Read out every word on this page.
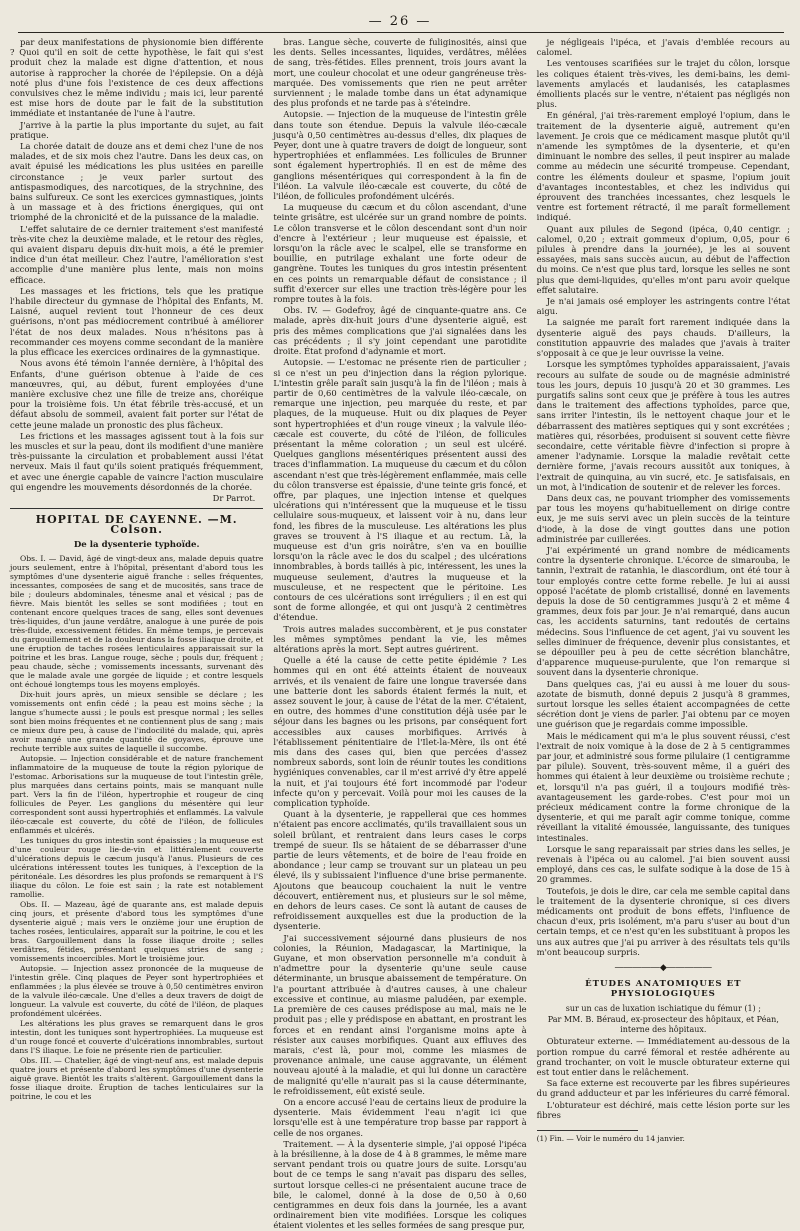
— 26 —

par deux manifestations de physionomie bien différente ? Quoi qu'il en soit de cette hypothèse, le fait qui s'est produit chez la malade est digne d'attention, et nous autorise à rapprocher la chorée de l'épilepsie. On a déjà noté plus d'une fois l'existence de ces deux affections convulsives chez le même individu ; mais ici, leur parenté est mise hors de doute par le fait de la substitution immédiate et instantanée de l'une à l'autre.

J'arrive à la partie la plus importante du sujet, au fait pratique.

La chorée datait de douze ans et demi chez l'une de nos malades, et de six mois chez l'autre. Dans les deux cas, on avait épuisé les médications les plus usitées en pareille circonstance ; je veux parler surtout des antispasmodiques, des narcotiques, de la strychnine, des bains sulfureux. Ce sont les exercices gymnastiques, joints à un massage et à des frictions énergiques, qui ont triomphé de la chronicité et de la puissance de la maladie.

L'effet salutaire de ce dernier traitement s'est manifesté très-vite chez la deuxième malade, et le retour des règles, qui avaient disparu depuis dix-huit mois, a été le premier indice d'un état meilleur. Chez l'autre, l'amélioration s'est accomplie d'une manière plus lente, mais non moins efficace.

Les massages et les frictions, tels que les pratique l'habile directeur du gymnase de l'hôpital des Enfants, M. Laisné, auquel revient tout l'honneur de ces deux guérisons, n'ont pas médiocrement contribué à améliorer l'état de nos deux malades. Nous n'hésitons pas à recommander ces moyens comme secondant de la manière la plus efficace les exercices ordinaires de la gymnastique.

Nous avons été témoin l'année dernière, à l'hôpital des Enfants, d'une guérison obtenue à l'aide de ces manœuvres, qui, au début, furent employées d'une manière exclusive chez une fille de treize ans, choréique pour la troisième fois. Un état fébrile très-accusé, et un défaut absolu de sommeil, avaient fait porter sur l'état de cette jeune malade un pronostic des plus fâcheux.

Les frictions et les massages agissent tout à la fois sur les muscles et sur la peau, dont ils modifient d'une manière très-puissante la circulation et probablement aussi l'état nerveux. Mais il faut qu'ils soient pratiqués fréquemment, et avec une énergie capable de vaincre l'action musculaire qui engendre les mouvements désordonnés de la chorée.

Dr Parrot.
HOPITAL DE CAYENNE. —M. Colson.
De la dysenterie typhoïde.

Obs. I. — David, âgé de vingt-deux ans, malade depuis quatre jours seulement, entre à l'hôpital, présentant d'abord tous les symptômes d'une dysenterie aiguë franche : selles fréquentes, incessantes, composées de sang et de mucosités, sans trace de bile ; douleurs abdominales, ténesme anal et vésical ; pas de fièvre. Mais bientôt les selles se sont modifiées ; tout en contenant encore quelques traces de sang, elles sont devenues très-liquides, d'un jaune verdâtre, analogue à une purée de pois très-fluide, excessivement fétides. En même temps, je percevais du gargouillement et de la douleur dans la fosse iliaque droite, et une éruption de taches rosées lenticulaires apparaissait sur la poitrine et les bras. Langue rouge, sèche ; pouls dur, fréquent ; peau chaude, sèche ; vomissements incessants, survenant dès que le malade avale une gorgée de liquide ; et contre lesquels ont échoué longtemps tous les moyens employés.

Dix-huit jours après, un mieux sensible se déclare ; les vomissements ont enfin cédé ; la peau est moins sèche ; la langue s'humecte aussi ; le pouls est presque normal ; les selles sont bien moins fréquentes et ne contiennent plus de sang ; mais ce mieux dure peu, à cause de l'indocilité du malade, qui, après avoir mangé une grande quantité de goyaves, éprouve une rechute terrible aux suites de laquelle il succombe.

Autopsie. — Injection considérable et de nature franchement inflammatoire de la muqueuse de toute la région pylorique de l'estomac. Arborisations sur la muqueuse de tout l'intestin grêle, plus marquées dans certains points, mais se manquant nulle part. Vers la fin de l'iléon, hypertrophie et rougeur de cinq follicules de Peyer. Les ganglions du mésentère qui leur correspondent sont aussi hypertrophiés et enflammés. La valvule iléo-cæcale est couverte, du côté de l'iléon, de follicules enflammés et ulcérés.

Les tuniques du gros intestin sont épaissies ; la muqueuse est d'une couleur rouge lie-de-vin et littéralement couverte d'ulcérations depuis le cæcum jusqu'à l'anus. Plusieurs de ces ulcérations intéressent toutes les tuniques, à l'exception de la péritonéale. Les désordres les plus profonds se remarquent à l'S iliaque du côlon. Le foie est sain ; la rate est notablement ramollie.

Obs. II. — Mazeau, âgé de quarante ans, est malade depuis cinq jours, et présente d'abord tous les symptômes d'une dysenterie aiguë ; mais vers le onzième jour une éruption de taches rosées, lenticulaires, apparaît sur la poitrine, le cou et les bras. Gargouillement dans la fosse iliaque droite ; selles verdâtres, fétides, présentant quelques stries de sang ; vomissements incoercibles. Mort le troisième jour.

Autopsie. — Injection assez prononcée de la muqueuse de l'intestin grêle. Cinq plaques de Peyer sont hypertrophiées et enflammées ; la plus élevée se trouve à 0,50 centimètres environ de la valvule iléo-cæcale. Une d'elles a deux travers de doigt de longueur. La valvule est couverte, du côté de l'iléon, de plaques profondément ulcérées.

Les altérations les plus graves se remarquent dans le gros intestin, dont les tuniques sont hypertrophiées. La muqueuse est d'un rouge foncé et couverte d'ulcérations innombrables, surtout dans l'S iliaque. Le foie ne présente rien de particulier.

Obs. III. — Chatelier, âgé de vingt-neuf ans, est malade depuis quatre jours et présente d'abord les symptômes d'une dysenterie aiguë grave. Bientôt les traits s'altèrent. Gargouillement dans la fosse iliaque droite. Éruption de taches lenticulaires sur la poitrine, le cou et les

bras. Langue sèche, couverte de fuliginosités, ainsi que les dents. Selles incessantes, liquides, verdâtres, mêlées de sang, très-fétides. Elles prennent, trois jours avant la mort, une couleur chocolat et une odeur gangréneuse très-marquée. Des vomissements que rien ne peut arrêter surviennent ; le malade tombe dans un état adynamique des plus profonds et ne tarde pas à s'éteindre.

Autopsie. — Injection de la muqueuse de l'intestin grêle dans toute son étendue. Depuis la valvule iléo-cæcale jusqu'à 0,50 centimètres au-dessus d'elles, dix plaques de Peyer, dont une à quatre travers de doigt de longueur, sont hypertrophiées et enflammées. Les follicules de Brunner sont également hypertrophiés. Il en est de même des ganglions mésentériques qui correspondent à la fin de l'iléon. La valvule iléo-cæcale est couverte, du côté de l'iléon, de follicules profondément ulcérés.

La muqueuse du cæcum et du côlon ascendant, d'une teinte grisâtre, est ulcérée sur un grand nombre de points. Le côlon transverse et le côlon descendant sont d'un noir d'encre à l'extérieur ; leur muqueuse est épaissie, et lorsqu'on la râcle avec le scalpel, elle se transforme en bouillie, en putrilage exhalant une forte odeur de gangrène. Toutes les tuniques du gros intestin présentent en ces points un remarquable défaut de consistance ; il suffit d'exercer sur elles une traction très-légère pour les rompre toutes à la fois.

Obs. IV. — Godefroy, âgé de cinquante-quatre ans. Ce malade, après dix-huit jours d'une dysenterie aiguë, est pris des mêmes complications que j'ai signalées dans les cas précédents ; il s'y joint cependant une parotidite droite. État profond d'adynamie et mort.

Autopsie. — L'estomac ne présente rien de particulier ; si ce n'est un peu d'injection dans la région pylorique. L'intestin grêle paraît sain jusqu'à la fin de l'iléon ; mais à partir de 0,60 centimètres de la valvule iléo-cæcale, on remarque une injection, peu marquée du reste, et par plaques, de la muqueuse. Huit ou dix plaques de Peyer sont hypertrophiées et d'un rouge vineux ; la valvule iléo-cæcale est couverte, du côté de l'iléon, de follicules présentant la même coloration ; un seul est ulcéré. Quelques ganglions mésentériques présentent aussi des traces d'inflammation. La muqueuse du cæcum et du côlon ascendant n'est que très-légèrement enflammée, mais celle du côlon transverse est épaissie, d'une teinte gris foncé, et offre, par plaques, une injection intense et quelques ulcérations qui n'intéressent que la muqueuse et le tissu cellulaire sous-muqueux, et laissent voir à nu, dans leur fond, les fibres de la musculeuse. Les altérations les plus graves se trouvent à l'S iliaque et au rectum. Là, la muqueuse est d'un gris noirâtre, s'en va en bouillie lorsqu'on la râcle avec le dos du scalpel ; des ulcérations innombrables, à bords taillés à pic, intéressent, les unes la muqueuse seulement, d'autres la muqueuse et la musculeuse, et ne respectent que le péritoine. Les contours de ces ulcérations sont irréguliers ; il en est qui sont de forme allongée, et qui ont jusqu'à 2 centimètres d'étendue.

Trois autres malades succombèrent, et je pus constater les mêmes symptômes pendant la vie, les mêmes altérations après la mort. Sept autres guérirent.

Quelle a été la cause de cette petite épidémie ? Les hommes qui en ont été atteints étaient de nouveaux arrivés, et ils venaient de faire une longue traversée dans une batterie dont les sabords étaient fermés la nuit, et assez souvent le jour, à cause de l'état de la mer. C'étaient, en outre, des hommes d'une constitution déjà usée par le séjour dans les bagnes ou les prisons, par conséquent fort accessibles aux causes morbifiques. Arrivés à l'établissement pénitentiaire de l'Ilet-la-Mère, ils ont été mis dans des cases qui, bien que percées d'assez nombreux sabords, sont loin de réunir toutes les conditions hygiéniques convenables, car il m'est arrivé d'y être appelé la nuit, et j'ai toujours été fort incommodé par l'odeur infecte qu'on y percevait. Voilà pour moi les causes de la complication typhoïde.

Quant à la dysenterie, je rappellerai que ces hommes n'étaient pas encore acclimatés, qu'ils travaillaient sous un soleil brûlant, et rentraient dans leurs cases le corps trempé de sueur. Ils se hâtaient de se débarrasser d'une partie de leurs vêtements, et de boire de l'eau froide en abondance ; leur camp se trouvant sur un plateau un peu élevé, ils y subissaient l'influence d'une brise permanente. Ajoutons que beaucoup couchaient la nuit le ventre découvert, entièrement nus, et plusieurs sur le sol même, en dehors de leurs cases. Ce sont là autant de causes de refroidissement auxquelles est due la production de la dysenterie.

J'ai successivement séjourné dans plusieurs de nos colonies, la Réunion, Madagascar, la Martinique, la Guyane, et mon observation personnelle m'a conduit à n'admettre pour la dysenterie qu'une seule cause déterminante, un brusque abaissement de température. On l'a pourtant attribuée à d'autres causes, à une chaleur excessive et continue, au miasme paludéen, par exemple. La première de ces causes prédispose au mal, mais ne le produit pas ; elle y prédispose en abattant, en prostrant les forces et en rendant ainsi l'organisme moins apte à résister aux causes morbifiques. Quant aux effluves des marais, c'est là, pour moi, comme les miasmes de provenance animale, une cause aggravante, un élément nouveau ajouté à la maladie, et qui lui donne un caractère de malignité qu'elle n'aurait pas si la cause déterminante, le refroidissement, eût existé seule.

On a encore accusé l'eau de certains lieux de produire la dysenterie. Mais évidemment l'eau n'agit ici que lorsqu'elle est à une température trop basse par rapport à celle de nos organes.

Traitement. — À la dysenterie simple, j'ai opposé l'ipéca à la brésilienne, à la dose de 4 à 8 grammes, le même mare servant pendant trois ou quatre jours de suite. Lorsqu'au bout de ce temps le sang n'avait pas disparu des selles, surtout lorsque celles-ci ne présentaient aucune trace de bile, le calomel, donné à la dose de 0,50 à 0,60 centigrammes en deux fois dans la journée, les a avant ordinairement bien vite modifiées. Lorsque les coliques étaient violentes et les selles formées de sang presque pur,

je négligeais l'ipéca, et j'avais d'emblée recours au calomel.

Les ventouses scarifiées sur le trajet du côlon, lorsque les coliques étaient très-vives, les demi-bains, les demi-lavements amylacés et laudanisés, les cataplasmes émollients placés sur le ventre, n'étaient pas négligés non plus.

En général, j'ai très-rarement employé l'opium, dans le traitement de la dysenterie aiguë, autrement qu'en lavement. Je crois que ce médicament masque plutôt qu'il n'amende les symptômes de la dysenterie, et qu'en diminuant le nombre des selles, il peut inspirer au malade comme au médecin une sécurité trompeuse. Cependant, contre les éléments douleur et spasme, l'opium jouit d'avantages incontestables, et chez les individus qui éprouvent des tranchées incessantes, chez lesquels le ventre est fortement rétracté, il me paraît formellement indiqué.

Quant aux pilules de Segond (ipéca, 0,40 centigr. ; calomel, 0,20 ; extrait gommeux d'opium, 0,05, pour 6 pilules à prendre dans la journée), je les ai souvent essayées, mais sans succès aucun, au début de l'affection du moins. Ce n'est que plus tard, lorsque les selles ne sont plus que demi-liquides, qu'elles m'ont paru avoir quelque effet salutaire.

Je n'ai jamais osé employer les astringents contre l'état aigu.

La saignée me paraît fort rarement indiquée dans la dysenterie aiguë des pays chauds. D'ailleurs, la constitution appauvrie des malades que j'avais à traiter s'opposait à ce que je leur ouvrisse la veine.

Lorsque les symptômes typhoïdes apparaissaient, j'avais recours au sulfate de soude ou de magnésie administré tous les jours, depuis 10 jusqu'à 20 et 30 grammes. Les purgatifs salins sont ceux que je préfère à tous les autres dans le traitement des affections typhoïdes, parce que, sans irriter l'intestin, ils le nettoyent chaque jour et le débarrassent des matières septiques qui y sont excrétées ; matières qui, résorbées, produisent si souvent cette fièvre secondaire, cette véritable fièvre d'infection si propre à amener l'adynamie. Lorsque la maladie revêtait cette dernière forme, j'avais recours aussitôt aux toniques, à l'extrait de quinquina, au vin sucré, etc. Je satisfaisais, en un mot, à l'indication de soutenir et de relever les forces.

Dans deux cas, ne pouvant triompher des vomissements par tous les moyens qu'habituellement on dirige contre eux, je me suis servi avec un plein succès de la teinture d'iode, à la dose de vingt gouttes dans une potion administrée par cuillerées.

J'ai expérimenté un grand nombre de médicaments contre la dysenterie chronique. L'écorce de simarouba, le tannin, l'extrait de ratanhia, le diascordium, ont été tour à tour employés contre cette forme rebelle. Je lui ai aussi opposé l'acétate de plomb cristallisé, donné en lavements depuis la dose de 50 centigrammes jusqu'à 2 et même 4 grammes, deux fois par jour. Je n'ai remarqué, dans aucun cas, les accidents saturnins, tant redoutés de certains médecins. Sous l'influence de cet agent, j'ai vu souvent les selles diminuer de fréquence, devenir plus consistantes, et se dépouiller peu à peu de cette sécrétion blanchâtre, d'apparence muqueuse-purulente, que l'on remarque si souvent dans la dysenterie chronique.

Dans quelques cas, j'ai eu aussi à me louer du sous-azotate de bismuth, donné depuis 2 jusqu'à 8 grammes, surtout lorsque les selles étaient accompagnées de cette sécrétion dont je viens de parler. J'ai obtenu par ce moyen une guérison que je regardais comme impossible.

Mais le médicament qui m'a le plus souvent réussi, c'est l'extrait de noix vomique à la dose de 2 à 5 centigrammes par jour, et administré sous forme pilulaire (1 centigramme par pilule). Souvent, très-souvent même, il a guéri des hommes qui étaient à leur deuxième ou troisième rechute ; et, lorsqu'il n'a pas guéri, il a toujours modifié très-avantageusement les garde-robes. C'est pour moi un précieux médicament contre la forme chronique de la dysenterie, et qui me paraît agir comme tonique, comme réveillant la vitalité émoussée, languissante, des tuniques intestinales.

Lorsque le sang reparaissait par stries dans les selles, je revenais à l'ipéca ou au calomel. J'ai bien souvent aussi employé, dans ces cas, le sulfate sodique à la dose de 15 à 20 grammes.

Toutefois, je dois le dire, car cela me semble capital dans le traitement de la dysenterie chronique, si ces divers médicaments ont produit de bons effets, l'influence de chacun d'eux, pris isolément, m'a paru s'user au bout d'un certain temps, et ce n'est qu'en les substituant à propos les uns aux autres que j'ai pu arriver à des résultats tels qu'ils m'ont beaucoup surpris.

―――――◆―――――
ÉTUDES ANATOMIQUES ET PHYSIOLOGIQUES
sur un cas de luxation ischiatique du fémur (1) ;
Par MM. B. Béraud, ex-prosecteur des hôpitaux, et Péan, interne des hôpitaux.

Obturateur externe. — Immédiatement au-dessous de la portion rompue du carré fémoral et restée adhérente au grand trochanter, on voit le muscle obturateur externe qui est tout entier dans le relâchement.

Sa face externe est recouverte par les fibres supérieures du grand adducteur et par les inférieures du carré fémoral.

L'obturateur est déchiré, mais cette lésion porte sur les fibres

(1) Fin. — Voir le numéro du 14 janvier.
